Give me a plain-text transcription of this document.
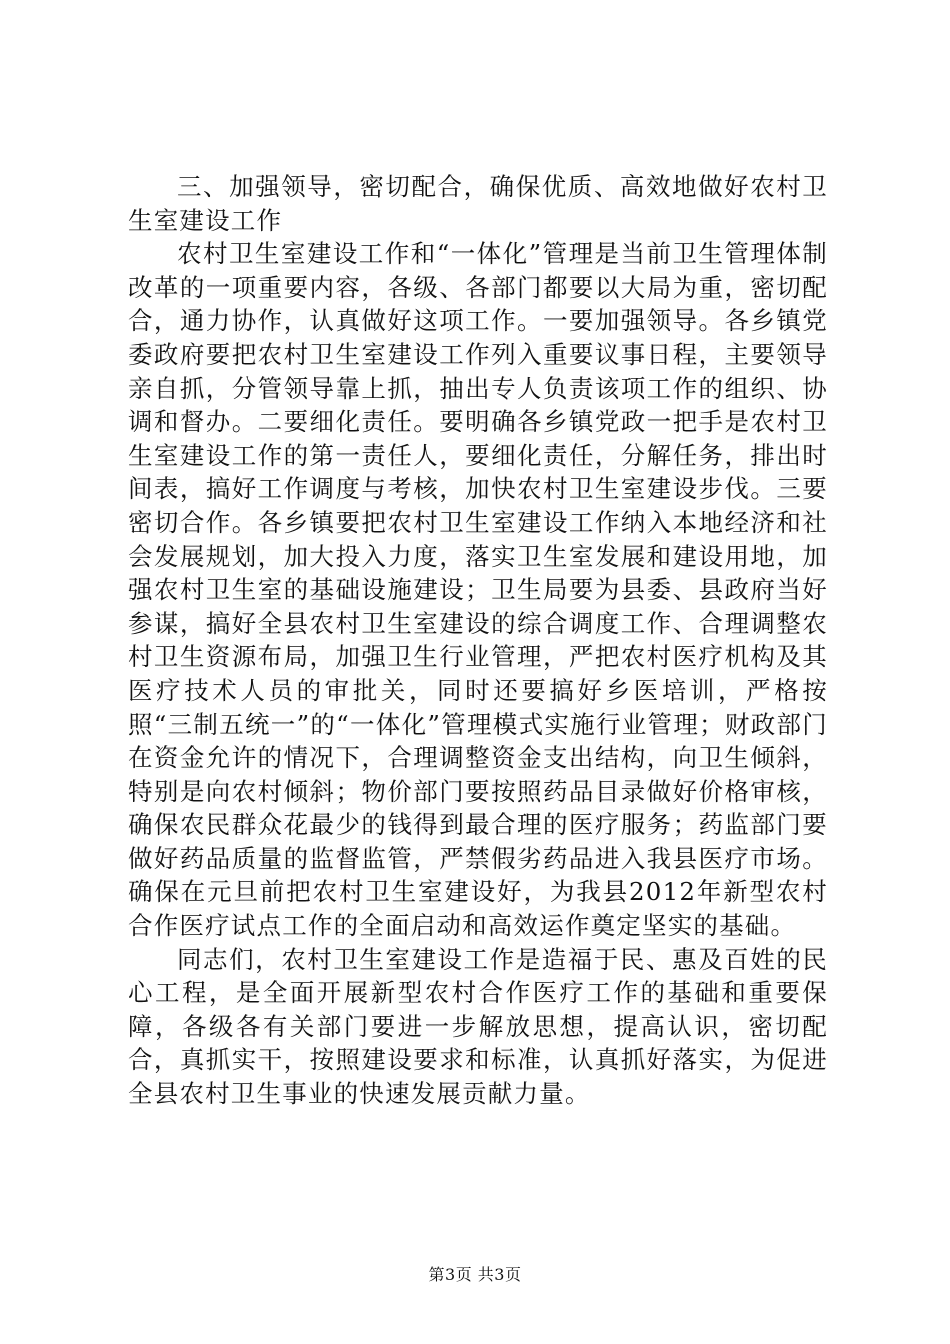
三、加强领导，密切配合，确保优质、高效地做好农村卫生室建设工作

农村卫生室建设工作和“一体化”管理是当前卫生管理体制改革的一项重要内容，各级、各部门都要以大局为重，密切配合，通力协作，认真做好这项工作。一要加强领导。各乡镇党委政府要把农村卫生室建设工作列入重要议事日程，主要领导亲自抓，分管领导靠上抓，抽出专人负责该项工作的组织、协调和督办。二要细化责任。要明确各乡镇党政一把手是农村卫生室建设工作的第一责任人，要细化责任，分解任务，排出时间表，搞好工作调度与考核，加快农村卫生室建设步伐。三要密切合作。各乡镇要把农村卫生室建设工作纳入本地经济和社会发展规划，加大投入力度，落实卫生室发展和建设用地，加强农村卫生室的基础设施建设；卫生局要为县委、县政府当好参谋，搞好全县农村卫生室建设的综合调度工作、合理调整农村卫生资源布局，加强卫生行业管理，严把农村医疗机构及其医疗技术人员的审批关，同时还要搞好乡医培训，严格按照“三制五统一”的“一体化”管理模式实施行业管理；财政部门在资金允许的情况下，合理调整资金支出结构，向卫生倾斜，特别是向农村倾斜；物价部门要按照药品目录做好价格审核，确保农民群众花最少的钱得到最合理的医疗服务；药监部门要做好药品质量的监督监管，严禁假劣药品进入我县医疗市场。确保在元旦前把农村卫生室建设好，为我县2012年新型农村合作医疗试点工作的全面启动和高效运作奠定坚实的基础。

同志们，农村卫生室建设工作是造福于民、惠及百姓的民心工程，是全面开展新型农村合作医疗工作的基础和重要保障，各级各有关部门要进一步解放思想，提高认识，密切配合，真抓实干，按照建设要求和标准，认真抓好落实，为促进全县农村卫生事业的快速发展贡献力量。

第3页 共3页
